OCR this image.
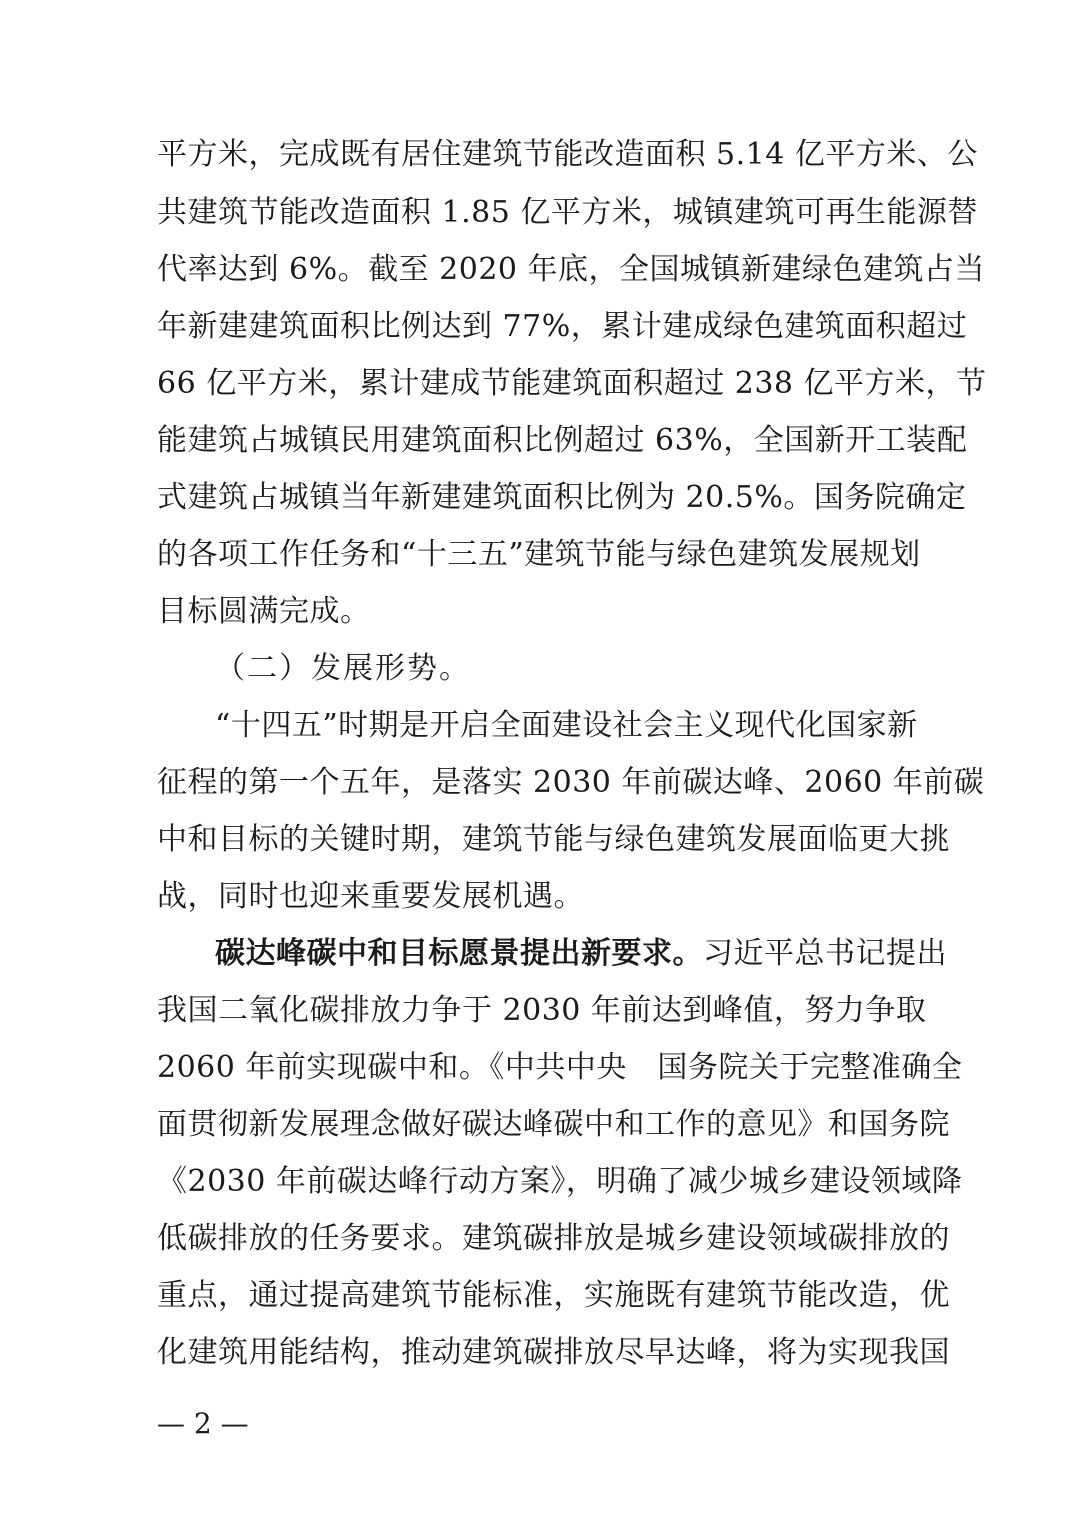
平方米，完成既有居住建筑节能改造面积 5.14 亿平方米、公
共建筑节能改造面积 1.85 亿平方米，城镇建筑可再生能源替
代率达到 6%。截至 2020 年底，全国城镇新建绿色建筑占当
年新建建筑面积比例达到 77%，累计建成绿色建筑面积超过
66 亿平方米，累计建成节能建筑面积超过 238 亿平方米，节
能建筑占城镇民用建筑面积比例超过 63%，全国新开工装配
式建筑占城镇当年新建建筑面积比例为 20.5%。国务院确定
的各项工作任务和“十三五”建筑节能与绿色建筑发展规划
目标圆满完成。
（二）发展形势。
“十四五”时期是开启全面建设社会主义现代化国家新
征程的第一个五年，是落实 2030 年前碳达峰、2060 年前碳
中和目标的关键时期，建筑节能与绿色建筑发展面临更大挑
战，同时也迎来重要发展机遇。
碳达峰碳中和目标愿景提出新要求。习近平总书记提出
我国二氧化碳排放力争于 2030 年前达到峰值，努力争取
2060 年前实现碳中和。《中共中央　国务院关于完整准确全
面贯彻新发展理念做好碳达峰碳中和工作的意见》和国务院
《2030 年前碳达峰行动方案》，明确了减少城乡建设领域降
低碳排放的任务要求。建筑碳排放是城乡建设领域碳排放的
重点，通过提高建筑节能标准，实施既有建筑节能改造，优
化建筑用能结构，推动建筑碳排放尽早达峰，将为实现我国
— 2 —
